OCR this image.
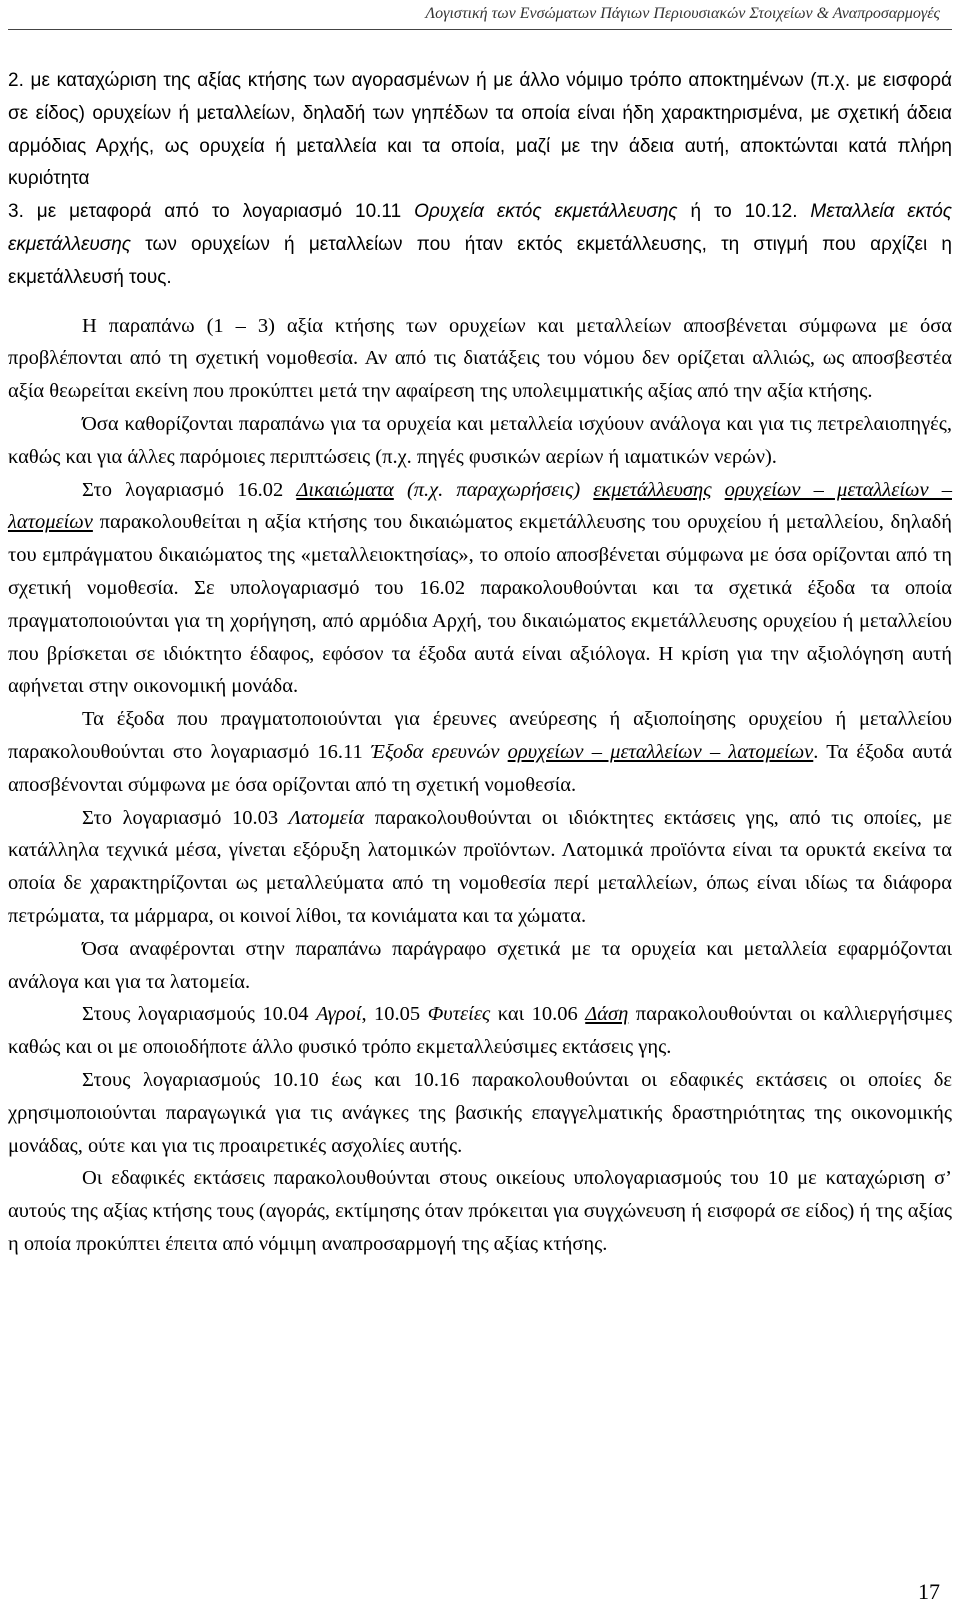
Λογιστική των Ενσώματων Πάγιων Περιουσιακών Στοιχείων & Αναπροσαρμογές

2. με καταχώριση της αξίας κτήσης των αγορασμένων ή με άλλο νόμιμο τρόπο αποκτημένων (π.χ. με εισφορά σε είδος) ορυχείων ή μεταλλείων, δηλαδή των γηπέδων τα οποία είναι ήδη χαρακτηρισμένα, με σχετική άδεια αρμόδιας Αρχής, ως ορυχεία ή μεταλλεία και τα οποία, μαζί με την άδεια αυτή, αποκτώνται κατά πλήρη κυριότητα

3. με μεταφορά από το λογαριασμό 10.11 Ορυχεία εκτός εκμετάλλευσης ή το 10.12. Μεταλλεία εκτός εκμετάλλευσης των ορυχείων ή μεταλλείων που ήταν εκτός εκμετάλλευσης, τη στιγμή που αρχίζει η εκμετάλλευσή τους.

Η παραπάνω (1 – 3) αξία κτήσης των ορυχείων και μεταλλείων αποσβένεται σύμφωνα με όσα προβλέπονται από τη σχετική νομοθεσία. Αν από τις διατάξεις του νόμου δεν ορίζεται αλλιώς, ως αποσβεστέα αξία θεωρείται εκείνη που προκύπτει μετά την αφαίρεση της υπολειμματικής αξίας από την αξία κτήσης.

Όσα καθορίζονται παραπάνω για τα ορυχεία και μεταλλεία ισχύουν ανάλογα και για τις πετρελαιοπηγές, καθώς και για άλλες παρόμοιες περιπτώσεις (π.χ. πηγές φυσικών αερίων ή ιαματικών νερών).

Στο λογαριασμό 16.02 Δικαιώματα (π.χ. παραχωρήσεις) εκμετάλλευσης ορυχείων – μεταλλείων – λατομείων παρακολουθείται η αξία κτήσης του δικαιώματος εκμετάλλευσης του ορυχείου ή μεταλλείου, δηλαδή του εμπράγματου δικαιώματος της «μεταλλειοκτησίας», το οποίο αποσβένεται σύμφωνα με όσα ορίζονται από τη σχετική νομοθεσία. Σε υπολογαριασμό του 16.02 παρακολουθούνται και τα σχετικά έξοδα τα οποία πραγματοποιούνται για τη χορήγηση, από αρμόδια Αρχή, του δικαιώματος εκμετάλλευσης ορυχείου ή μεταλλείου που βρίσκεται σε ιδιόκτητο έδαφος, εφόσον τα έξοδα αυτά είναι αξιόλογα. Η κρίση για την αξιολόγηση αυτή αφήνεται στην οικονομική μονάδα.

Τα έξοδα που πραγματοποιούνται για έρευνες ανεύρεσης ή αξιοποίησης ορυχείου ή μεταλλείου παρακολουθούνται στο λογαριασμό 16.11 Έξοδα ερευνών ορυχείων – μεταλλείων – λατομείων. Τα έξοδα αυτά αποσβένονται σύμφωνα με όσα ορίζονται από τη σχετική νομοθεσία.

Στο λογαριασμό 10.03 Λατομεία παρακολουθούνται οι ιδιόκτητες εκτάσεις γης, από τις οποίες, με κατάλληλα τεχνικά μέσα, γίνεται εξόρυξη λατομικών προϊόντων. Λατομικά προϊόντα είναι τα ορυκτά εκείνα τα οποία δε χαρακτηρίζονται ως μεταλλεύματα από τη νομοθεσία περί μεταλλείων, όπως είναι ιδίως τα διάφορα πετρώματα, τα μάρμαρα, οι κοινοί λίθοι, τα κονιάματα και τα χώματα.

Όσα αναφέρονται στην παραπάνω παράγραφο σχετικά με τα ορυχεία και μεταλλεία εφαρμόζονται ανάλογα και για τα λατομεία.

Στους λογαριασμούς 10.04 Αγροί, 10.05 Φυτείες και 10.06 Δάση παρακολουθούνται οι καλλιεργήσιμες καθώς και οι με οποιοδήποτε άλλο φυσικό τρόπο εκμεταλλεύσιμες εκτάσεις γης.

Στους λογαριασμούς 10.10 έως και 10.16 παρακολουθούνται οι εδαφικές εκτάσεις οι οποίες δε χρησιμοποιούνται παραγωγικά για τις ανάγκες της βασικής επαγγελματικής δραστηριότητας της οικονομικής μονάδας, ούτε και για τις προαιρετικές ασχολίες αυτής.

Οι εδαφικές εκτάσεις παρακολουθούνται στους οικείους υπολογαριασμούς του 10 με καταχώριση σ’ αυτούς της αξίας κτήσης τους (αγοράς, εκτίμησης όταν πρόκειται για συγχώνευση ή εισφορά σε είδος) ή της αξίας η οποία προκύπτει έπειτα από νόμιμη αναπροσαρμογή της αξίας κτήσης.

17
